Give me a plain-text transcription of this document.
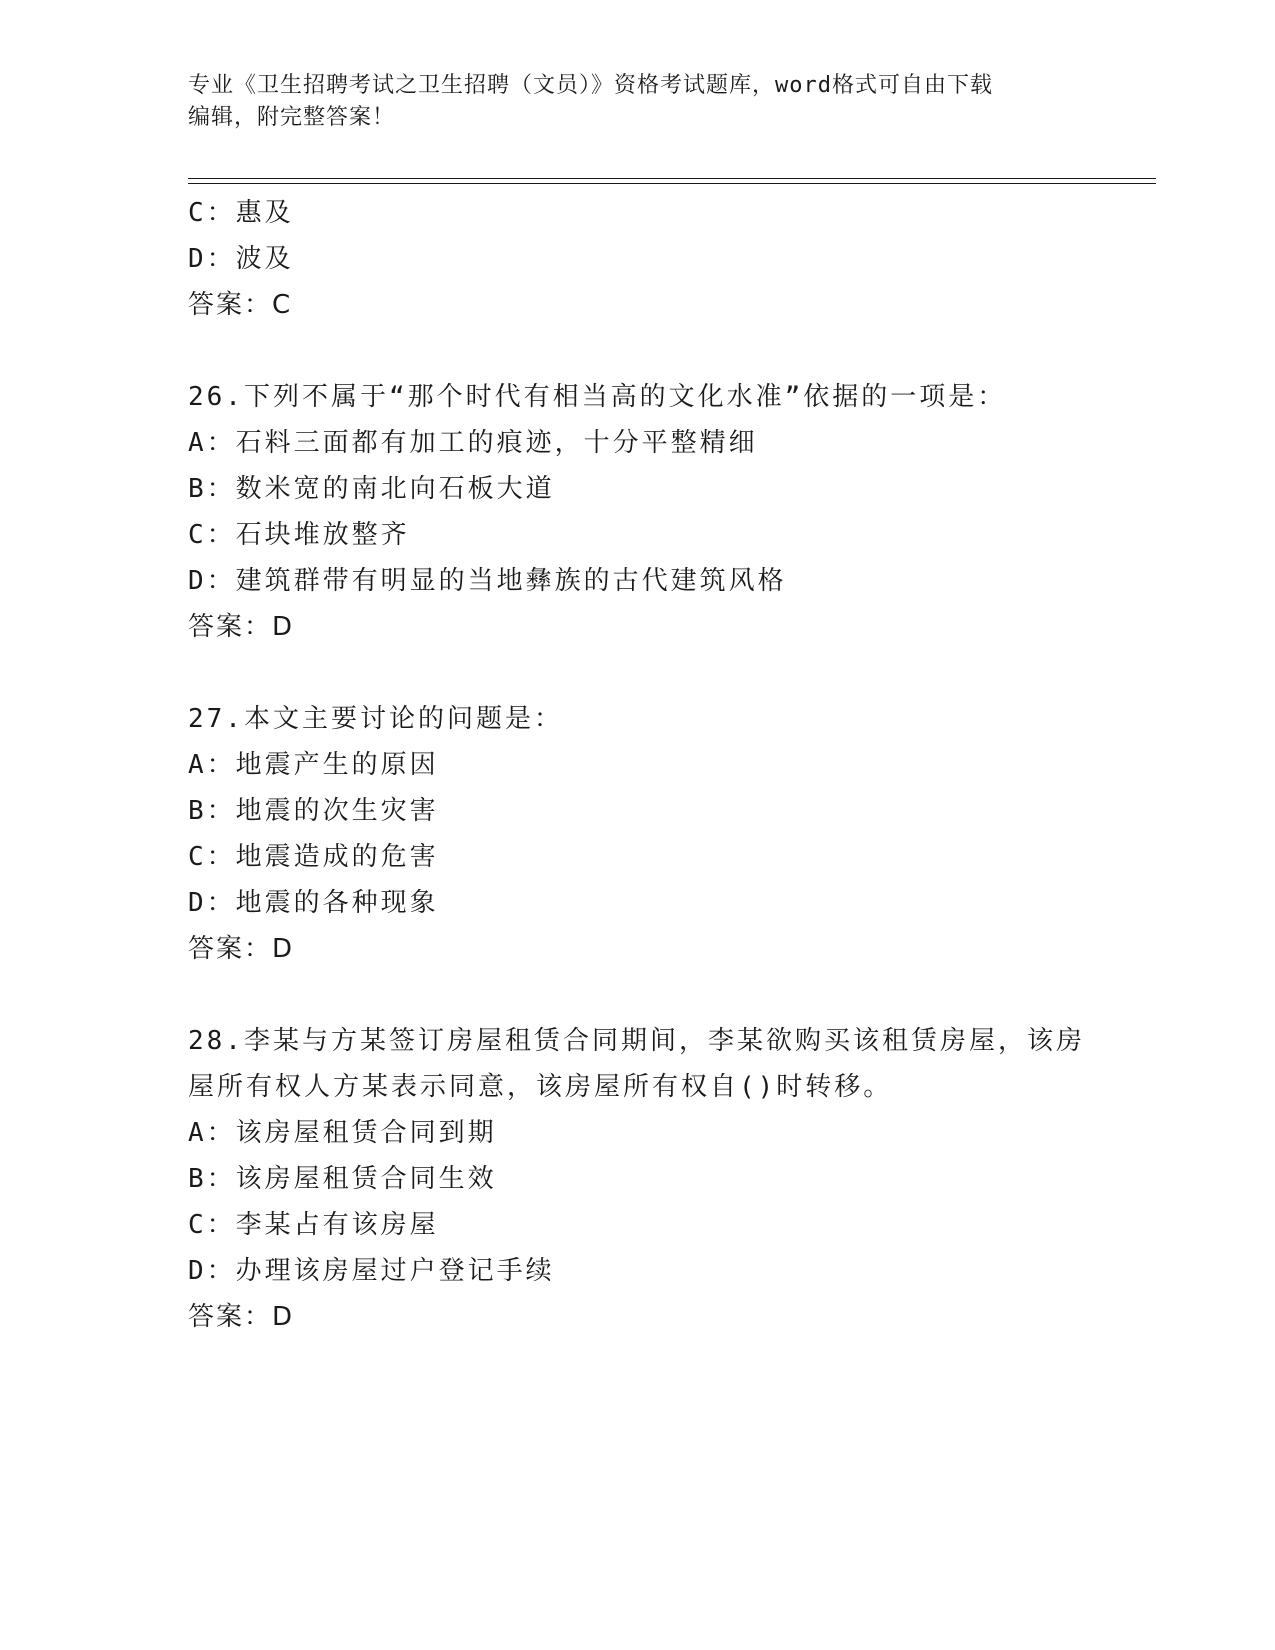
专业《卫生招聘考试之卫生招聘（文员）》资格考试题库，word格式可自由下载
编辑，附完整答案！
C：惠及
D：波及
答案：C
26.下列不属于“那个时代有相当高的文化水准”依据的一项是：
A：石料三面都有加工的痕迹，十分平整精细
B：数米宽的南北向石板大道
C：石块堆放整齐
D：建筑群带有明显的当地彝族的古代建筑风格
答案：D
27.本文主要讨论的问题是：
A：地震产生的原因
B：地震的次生灾害
C：地震造成的危害
D：地震的各种现象
答案：D
28.李某与方某签订房屋租赁合同期间，李某欲购买该租赁房屋，该房
屋所有权人方某表示同意，该房屋所有权自()时转移。
A：该房屋租赁合同到期
B：该房屋租赁合同生效
C：李某占有该房屋
D：办理该房屋过户登记手续
答案：D
